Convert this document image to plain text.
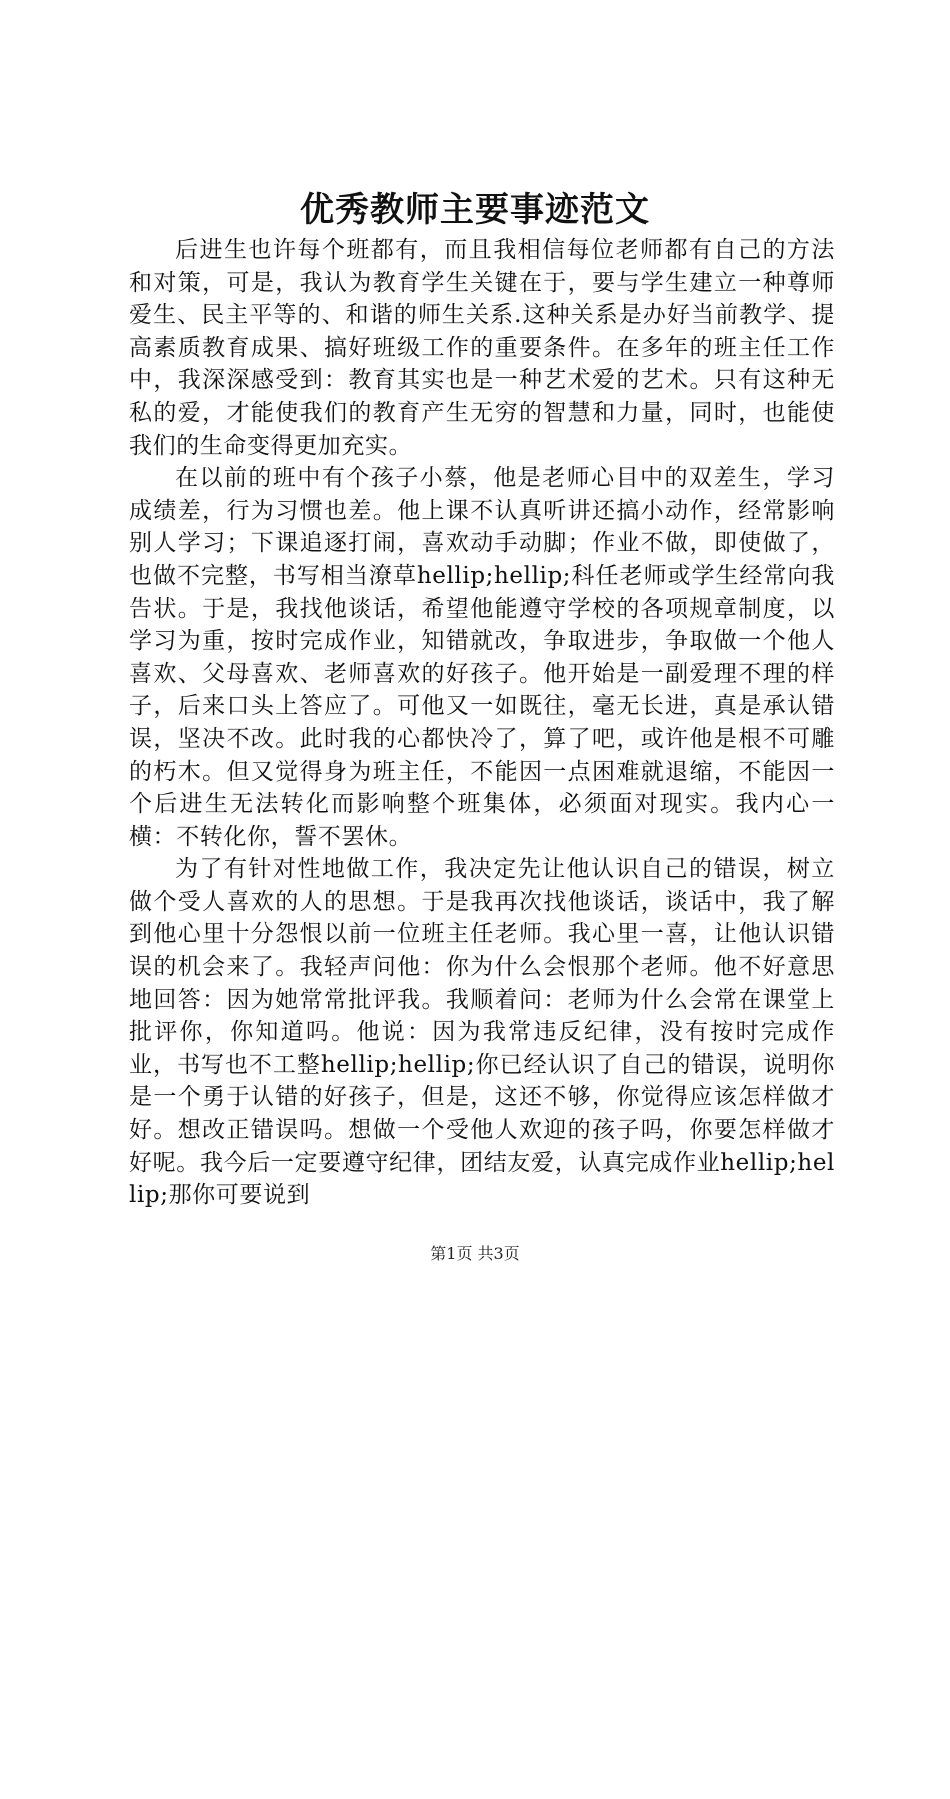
优秀教师主要事迹范文

后进生也许每个班都有，而且我相信每位老师都有自己的方法和对策，可是，我认为教育学生关键在于，要与学生建立一种尊师爱生、民主平等的、和谐的师生关系.这种关系是办好当前教学、提高素质教育成果、搞好班级工作的重要条件。在多年的班主任工作中，我深深感受到：教育其实也是一种艺术爱的艺术。只有这种无私的爱，才能使我们的教育产生无穷的智慧和力量，同时，也能使我们的生命变得更加充实。

在以前的班中有个孩子小蔡，他是老师心目中的双差生，学习成绩差，行为习惯也差。他上课不认真听讲还搞小动作，经常影响别人学习；下课追逐打闹，喜欢动手动脚；作业不做，即使做了，也做不完整，书写相当潦草hellip;hellip;科任老师或学生经常向我告状。于是，我找他谈话，希望他能遵守学校的各项规章制度，以学习为重，按时完成作业，知错就改，争取进步，争取做一个他人喜欢、父母喜欢、老师喜欢的好孩子。他开始是一副爱理不理的样子，后来口头上答应了。可他又一如既往，毫无长进，真是承认错误，坚决不改。此时我的心都快冷了，算了吧，或许他是根不可雕的朽木。但又觉得身为班主任，不能因一点困难就退缩，不能因一个后进生无法转化而影响整个班集体，必须面对现实。我内心一横：不转化你，誓不罢休。

为了有针对性地做工作，我决定先让他认识自己的错误，树立做个受人喜欢的人的思想。于是我再次找他谈话，谈话中，我了解到他心里十分怨恨以前一位班主任老师。我心里一喜，让他认识错误的机会来了。我轻声问他：你为什么会恨那个老师。他不好意思地回答：因为她常常批评我。我顺着问：老师为什么会常在课堂上批评你，你知道吗。他说：因为我常违反纪律，没有按时完成作业，书写也不工整hellip;hellip;你已经认识了自己的错误，说明你是一个勇于认错的好孩子，但是，这还不够，你觉得应该怎样做才好。想改正错误吗。想做一个受他人欢迎的孩子吗，你要怎样做才好呢。我今后一定要遵守纪律，团结友爱，认真完成作业hellip;hellip;那你可要说到

第1页 共3页
